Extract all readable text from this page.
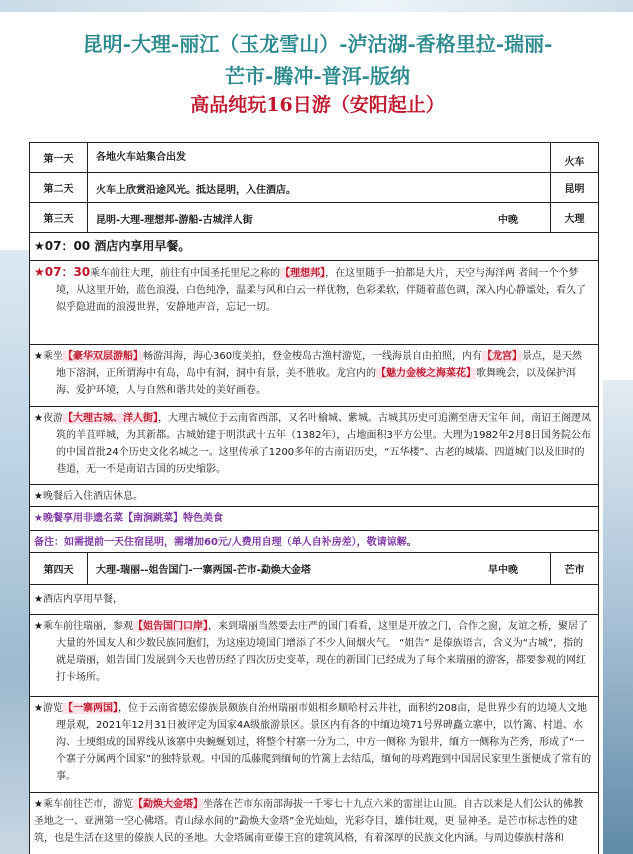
昆明-大理-丽江（玉龙雪山）-泸沽湖-香格里拉-瑞丽-
芒市-腾冲-普洱-版纳
高品纯玩16日游（安阳起止）
第一天	各地火车站集合出发	火车
第二天	火车上欣赏沿途风光。抵达昆明，入住酒店。	昆明
第三天	昆明-大理-理想邦-游船-古城洋人街	中晚	大理
★07：00 酒店内享用早餐。
★07：30乘车前往大理，前往有中国圣托里尼之称的【理想邦】，在这里随手一拍都是大片，天空与海洋两 者间一个个梦境，从这里开始，蓝色浪漫，白色纯净，温柔与风和白云一样优物，色彩柔软，伴随着蓝色调，深入内心静谧处，看久了似乎隐进面的浪漫世界，安静地声音，忘记一切。
★乘坐【豪华双层游船】畅游洱海，海心360度美拍，登金梭岛古渔村游览，一线海景自由拍照，内有【龙宫】景点，是天然地下溶洞，正所谓海中有岛，岛中有洞，洞中有景，美不胜收。龙宫内的【魅力金梭之海菜花】歌舞晚会，以及保护洱海、爱护环境，人与自然和谐共处的美好画卷。
★夜游【大理古城、洋人街】，大理古城位于云南省西部，又名叶榆城、紫城。古城其历史可追溯至唐天宝年 间，南诏王阁逻凤筑的羊苴咩城，为其新都。古城始建于明洪武十五年（1382年），占地面积3平方公里。大理为1982年2月8日国务院公布的中国首批24个历史文化名城之一。这里传承了1200多年的古南诏历史，“五华楼”、古老的城墙、四道城门以及旧时的巷道，无一不是南诏古国的历史缩影。
★晚餐后入住酒店休息。
★晚餐享用非遗名菜【南涧跳菜】特色美食
备注：如需提前一天住宿昆明，需增加60元/人费用自理（单人自补房差），敬请谅解。
第四天	大理-瑞丽--姐告国门-一寨两国-芒市-勐焕大金塔	早中晚	芒市
★酒店内享用早餐，
★乘车前往瑞丽，参观【姐告国门口岸】，来到瑞丽当然要去庄严的国门看看，这里是开放之门，合作之窗，友谊之桥，聚居了大量的外国友人和少数民族同胞们，为这座边境国门增添了不少人间烟火气。 “姐告” 是傣族语言，含义为“古城”，指的就是瑞丽，姐告国门发展到今天也曾历经了四次历史变革，现在的新国门已经成为了每个来瑞丽的游客，都要参观的网红打卡场所。
★游览【一寨两国】，位于云南省德宏傣族景颇族自治州瑞丽市姐相乡顺哈村云井社，面积约208亩，是世界少有的边境人文地理景观，2021年12月31日被评定为国家4A级旅游景区。景区内有各的中缅边境71号界碑矗立寨中，以竹篱、村道、水沟、土埂组成的国界线从该寨中央蜿蜒划过，将整个村寨一分为二，中方一侧称 为银井，缅方一侧称为芒秀，形成了“一个寨子分属两个国家”的独特景观。中国的瓜藤爬到缅甸的竹篱上去结瓜，缅甸的母鸡跑到中国居民家里生蛋便成了常有的事。
★乘车前往芒市，游览【勐焕大金塔】坐落在芒市东南部海拔一千零七十九点六米的雷崖让山顶。自古以来是人们公认的佛教圣地之一、亚洲第一空心佛塔。青山绿水间的“勐焕大金塔”金光灿灿，光彩夺目，雄伟壮观，更 显神圣。是芒市标志性的建筑，也是生活在这里的傣族人民的圣地。大金塔属南亚傣王宫的建筑风格，有着深厚的民族文化内涵。与周边傣族村落和
